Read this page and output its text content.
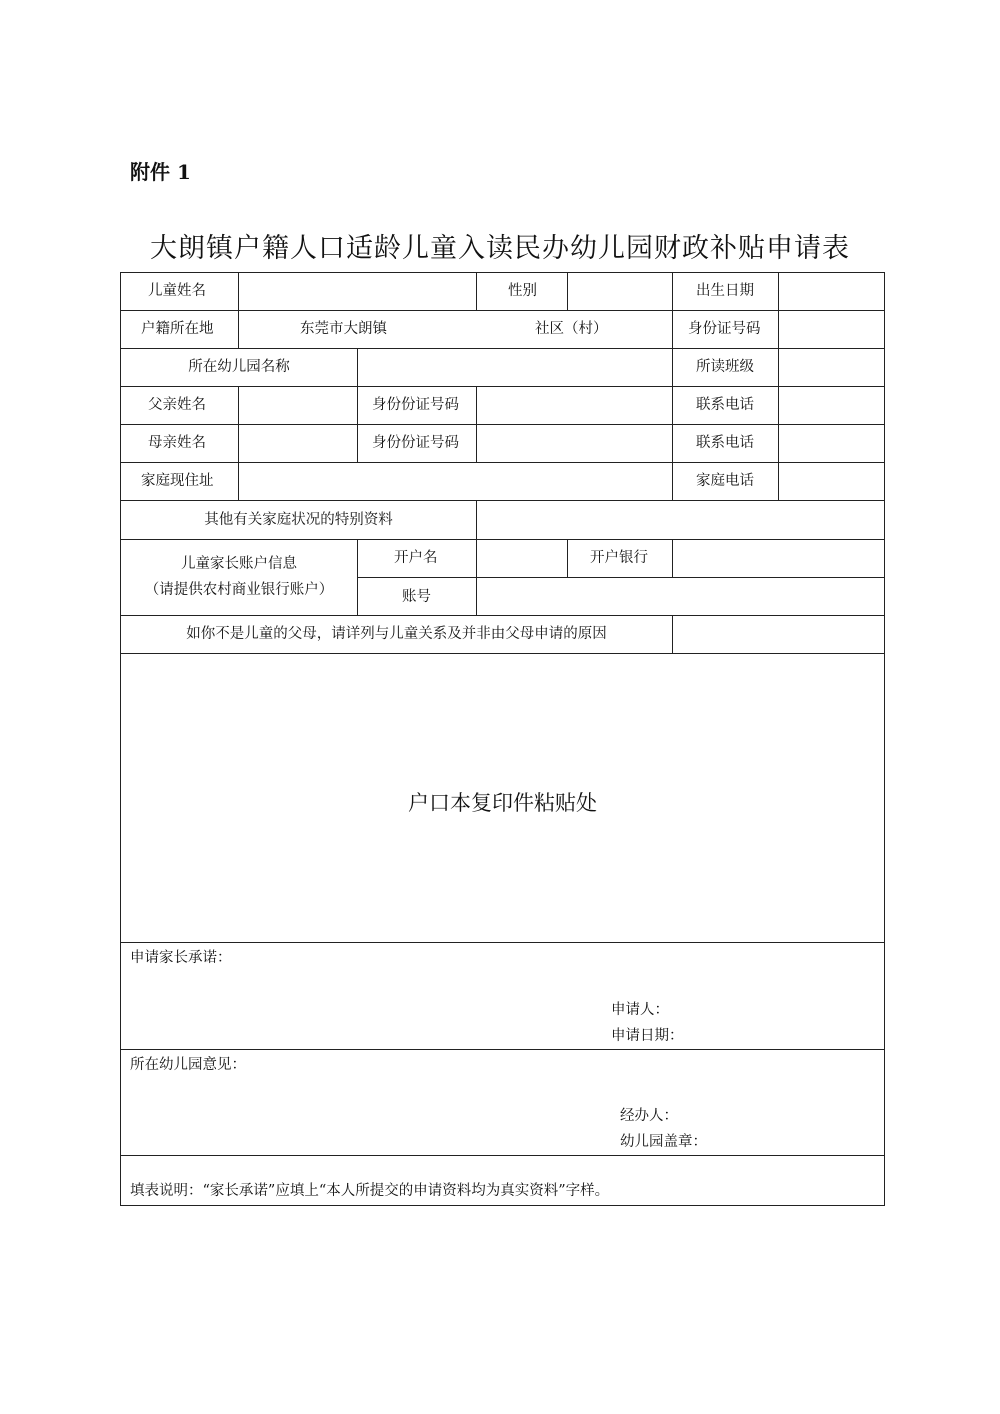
附件 1
大朗镇户籍人口适龄儿童入读民办幼儿园财政补贴申请表
儿童姓名	性别	出生日期
户籍所在地	东莞市大朗镇	社区（村）	身份证号码
所在幼儿园名称	所读班级
父亲姓名	身份份证号码	联系电话
母亲姓名	身份份证号码	联系电话
家庭现住址	家庭电话
其他有关家庭状况的特别资料
儿童家长账户信息
（请提供农村商业银行账户）
开户名	开户银行
账号
如你不是儿童的父母，请详列与儿童关系及并非由父母申请的原因
户口本复印件粘贴处
申请家长承诺：
申请人：
申请日期：
所在幼儿园意见：
经办人：
幼儿园盖章：
填表说明：“家长承诺”应填上“本人所提交的申请资料均为真实资料”字样。
